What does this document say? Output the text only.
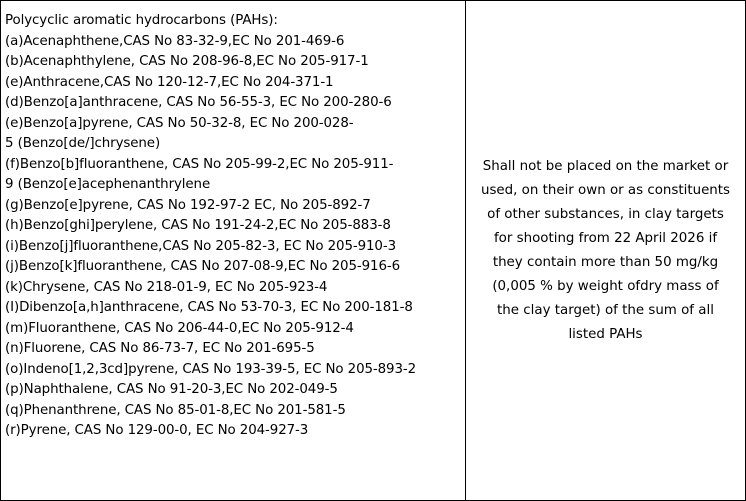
Polycyclic aromatic hydrocarbons (PAHs):
(a)Acenaphthene,CAS No 83-32-9,EC No 201-469-6
(b)Acenaphthylene, CAS No 208-96-8,EC No 205-917-1
(e)Anthracene,CAS No 120-12-7,EC No 204-371-1
(d)Benzo[a]anthracene, CAS No 56-55-3, EC No 200-280-6
(e)Benzo[a]pyrene, CAS No 50-32-8, EC No 200-028-
5 (Benzo[de/]chrysene)
(f)Benzo[b]fluoranthene, CAS No 205-99-2,EC No 205-911-
9 (Benzo[e]acephenanthrylene
(g)Benzo[e]pyrene, CAS No 192-97-2 EC, No 205-892-7
(h)Benzo[ghi]perylene, CAS No 191-24-2,EC No 205-883-8
(i)Benzo[j]fluoranthene,CAS No 205-82-3, EC No 205-910-3
(j)Benzo[k]fluoranthene, CAS No 207-08-9,EC No 205-916-6
(k)Chrysene, CAS No 218-01-9, EC No 205-923-4
(I)Dibenzo[a,h]anthracene, CAS No 53-70-3, EC No 200-181-8
(m)Fluoranthene, CAS No 206-44-0,EC No 205-912-4
(n)Fluorene, CAS No 86-73-7, EC No 201-695-5
(o)Indeno[1,2,3cd]pyrene, CAS No 193-39-5, EC No 205-893-2
(p)Naphthalene, CAS No 91-20-3,EC No 202-049-5
(q)Phenanthrene, CAS No 85-01-8,EC No 201-581-5
(r)Pyrene, CAS No 129-00-0, EC No 204-927-3

Shall not be placed on the market or
used, on their own or as constituents
of other substances, in clay targets
for shooting from 22 April 2026 if
they contain more than 50 mg/kg
(0,005 % by weight ofdry mass of
the clay target) of the sum of all
listed PAHs
